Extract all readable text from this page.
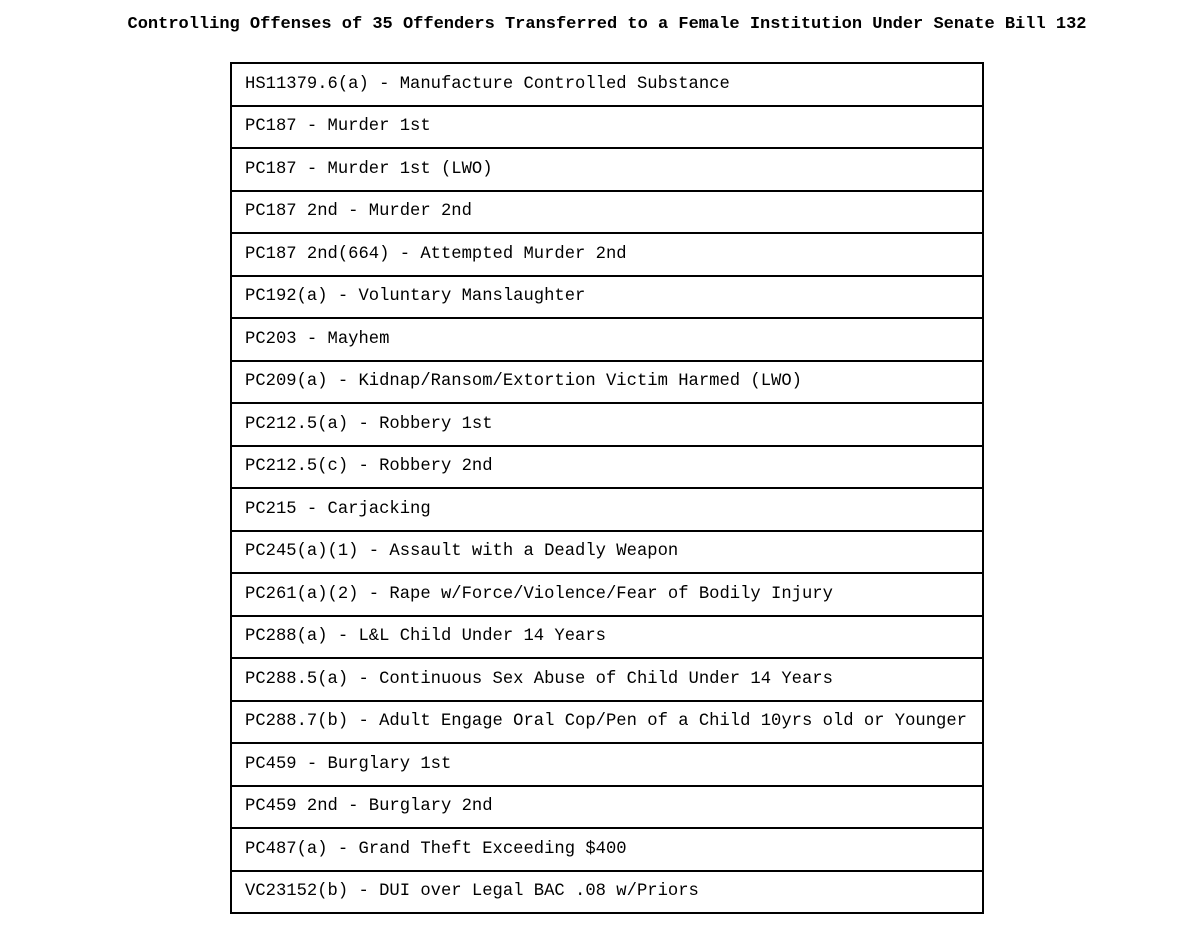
Controlling Offenses of 35 Offenders Transferred to a Female Institution Under Senate Bill 132
HS11379.6(a) - Manufacture Controlled Substance
PC187 - Murder 1st
PC187 - Murder 1st (LWO)
PC187 2nd - Murder 2nd
PC187 2nd(664) - Attempted Murder 2nd
PC192(a) - Voluntary Manslaughter
PC203 - Mayhem
PC209(a) - Kidnap/Ransom/Extortion Victim Harmed (LWO)
PC212.5(a) - Robbery 1st
PC212.5(c) - Robbery 2nd
PC215 - Carjacking
PC245(a)(1) - Assault with a Deadly Weapon
PC261(a)(2) - Rape w/Force/Violence/Fear of Bodily Injury
PC288(a) - L&L Child Under 14 Years
PC288.5(a) - Continuous Sex Abuse of Child Under 14 Years
PC288.7(b) - Adult Engage Oral Cop/Pen of a Child 10yrs old or Younger
PC459 - Burglary 1st
PC459 2nd - Burglary 2nd
PC487(a) - Grand Theft Exceeding $400
VC23152(b) - DUI over Legal BAC .08 w/Priors
